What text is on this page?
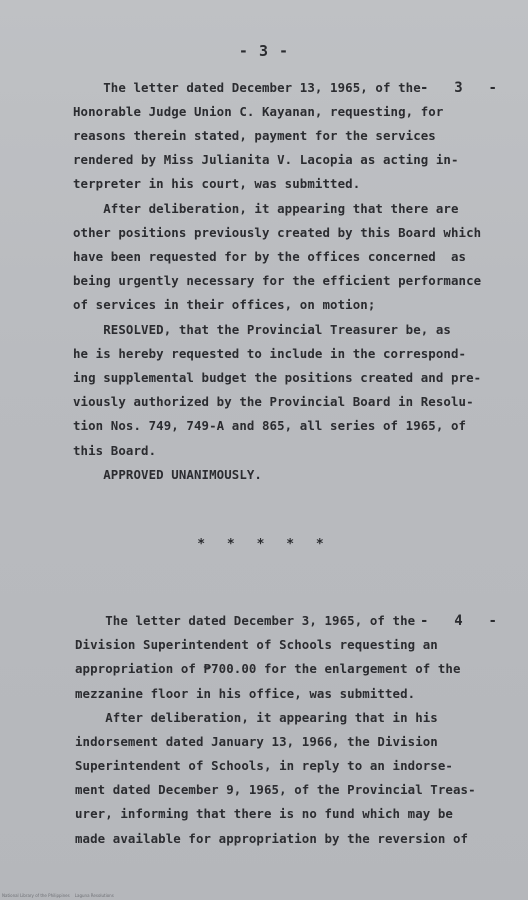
- 3 -
-  3  -
The letter dated December 13, 1965, of the
Honorable Judge Union C. Kayanan, requesting, for
reasons therein stated, payment for the services
rendered by Miss Julianita V. Lacopia as acting in-
terpreter in his court, was submitted.
After deliberation, it appearing that there are
other positions previously created by this Board which
have been requested for by the offices concerned  as
being urgently necessary for the efficient performance
of services in their offices, on motion;
RESOLVED, that the Provincial Treasurer be, as
he is hereby requested to include in the correspond-
ing supplemental budget the positions created and pre-
viously authorized by the Provincial Board in Resolu-
tion Nos. 749, 749-A and 865, all series of 1965, of
this Board.
APPROVED UNANIMOUSLY.
* * * * *
-  4  -
The letter dated December 3, 1965, of the
Division Superintendent of Schools requesting an
appropriation of ₱700.00 for the enlargement of the
mezzanine floor in his office, was submitted.
After deliberation, it appearing that in his
indorsement dated January 13, 1966, the Division
Superintendent of Schools, in reply to an indorse-
ment dated December 9, 1965, of the Provincial Treas-
urer, informing that there is no fund which may be
made available for appropriation by the reversion of
National Library of the Philippines    Laguna Resolutions
